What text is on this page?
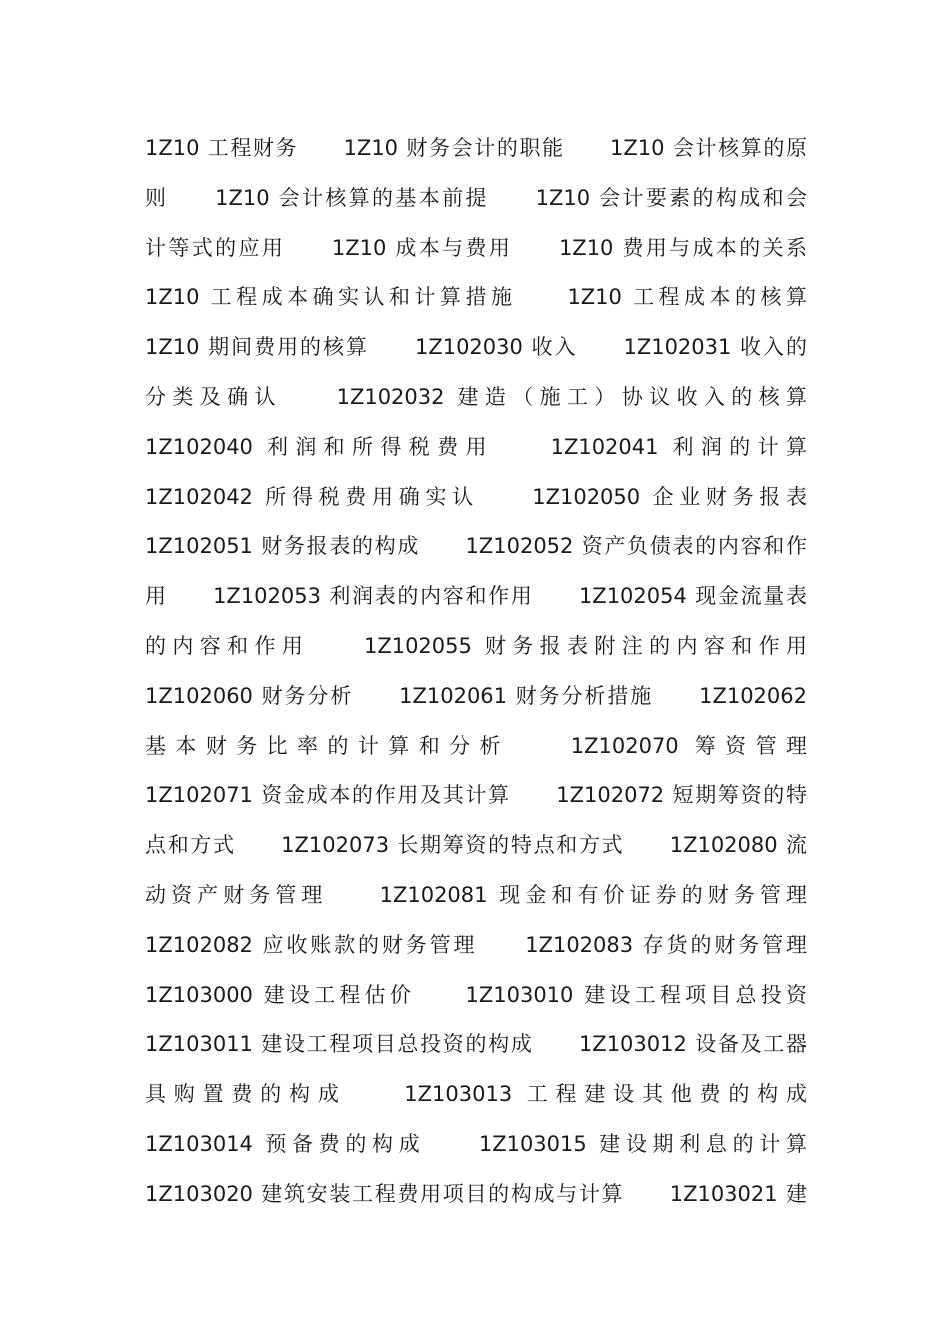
1Z10 工程财务　　1Z10 财务会计的职能　　1Z10 会计核算的原
则　　1Z10 会计核算的基本前提　　1Z10 会计要素的构成和会
计等式的应用　　1Z10 成本与费用　　1Z10 费用与成本的关系
1Z10 工程成本确实认和计算措施　　1Z10 工程成本的核算
1Z10 期间费用的核算　　1Z102030 收入　　1Z102031 收入的
分类及确认　　1Z102032 建造（施工）协议收入的核算
1Z102040 利润和所得税费用　　1Z102041 利润的计算
1Z102042 所得税费用确实认　　1Z102050 企业财务报表
1Z102051 财务报表的构成　　1Z102052 资产负债表的内容和作
用　　1Z102053 利润表的内容和作用　　1Z102054 现金流量表
的内容和作用　　1Z102055 财务报表附注的内容和作用
1Z102060 财务分析　　1Z102061 财务分析措施　　1Z102062
基本财务比率的计算和分析　　1Z102070 筹资管理
1Z102071 资金成本的作用及其计算　　1Z102072 短期筹资的特
点和方式　　1Z102073 长期筹资的特点和方式　　1Z102080 流
动资产财务管理　　1Z102081 现金和有价证券的财务管理
1Z102082 应收账款的财务管理　　1Z102083 存货的财务管理
1Z103000 建设工程估价　　1Z103010 建设工程项目总投资
1Z103011 建设工程项目总投资的构成　　1Z103012 设备及工器
具购置费的构成　　1Z103013 工程建设其他费的构成
1Z103014 预备费的构成　　1Z103015 建设期利息的计算
1Z103020 建筑安装工程费用项目的构成与计算　　1Z103021 建
